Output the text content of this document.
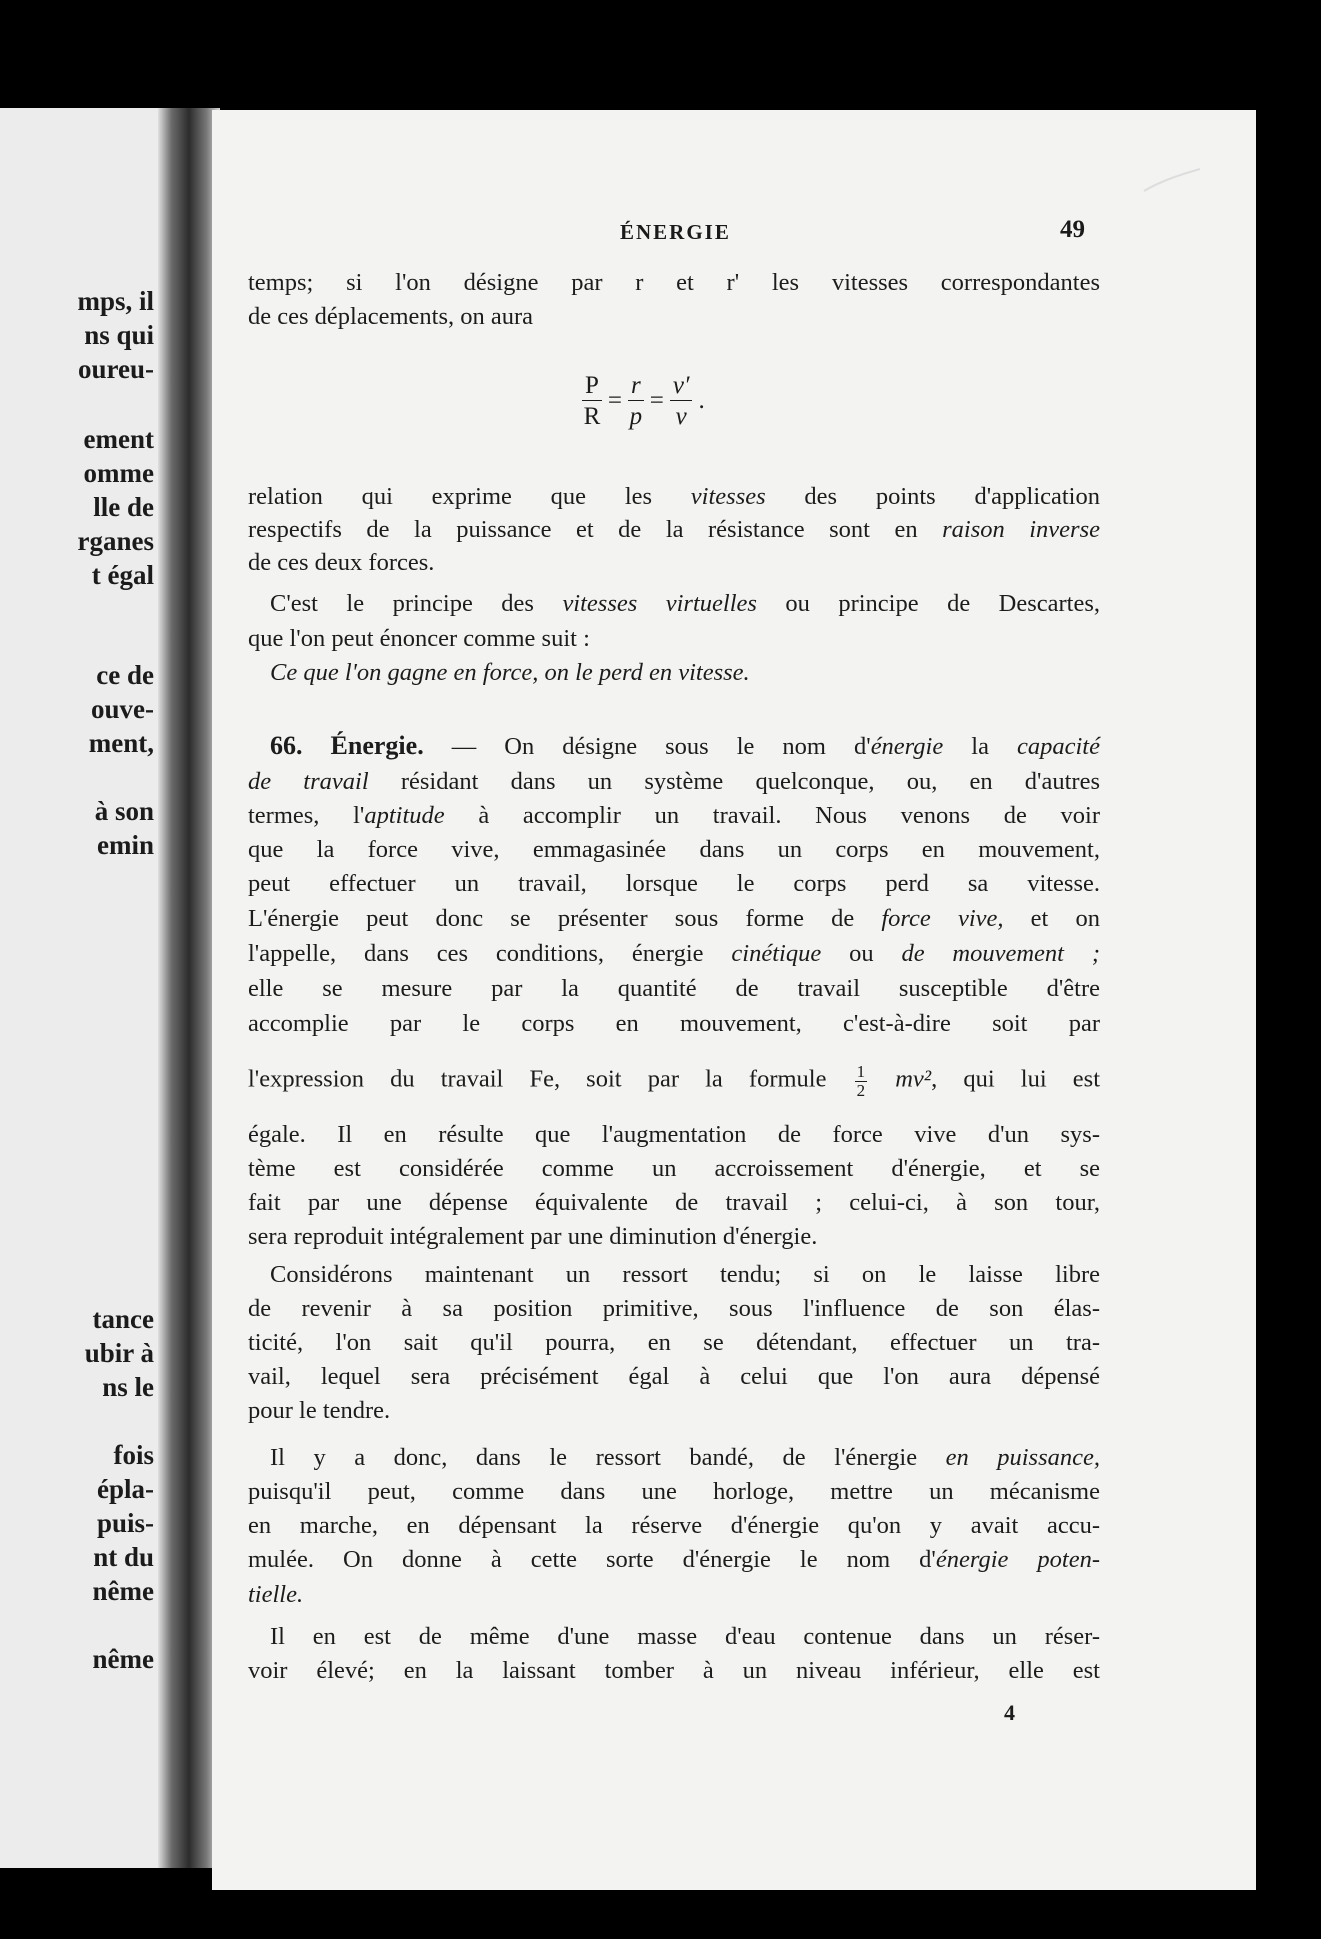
mps, il
ns qui
oureu-
ement
omme
lle de
rganes
t égal
ce de
ouve-
ment,
à son
emin
tance
ubir à
ns le
fois
épla-
puis-
nt du
nême
nême
ÉNERGIE	49
temps; si l'on désigne par r et r' les vitesses correspondantes
de ces déplacements, on aura
$\frac{P}{R} = \frac{r}{p} = \frac{v'}{v}$ .
relation qui exprime que les vitesses des points d'application
respectifs de la puissance et de la résistance sont en raison inverse
de ces deux forces.
C'est le principe des vitesses virtuelles ou principe de Descartes,
que l'on peut énoncer comme suit :
Ce que l'on gagne en force, on le perd en vitesse.
66. Énergie. — On désigne sous le nom d'énergie la capacité
de travail résidant dans un système quelconque, ou, en d'autres
termes, l'aptitude à accomplir un travail. Nous venons de voir
que la force vive, emmagasinée dans un corps en mouvement,
peut effectuer un travail, lorsque le corps perd sa vitesse.
L'énergie peut donc se présenter sous forme de force vive, et on
l'appelle, dans ces conditions, énergie cinétique ou de mouvement ;
elle se mesure par la quantité de travail susceptible d'être
accomplie par le corps en mouvement, c'est-à-dire soit par
l'expression du travail Fe, soit par la formule $\frac{1}{2} mv^2$, qui lui est
égale. Il en résulte que l'augmentation de force vive d'un sys-
tème est considérée comme un accroissement d'énergie, et se
fait par une dépense équivalente de travail ; celui-ci, à son tour,
sera reproduit intégralement par une diminution d'énergie.
Considérons maintenant un ressort tendu; si on le laisse libre
de revenir à sa position primitive, sous l'influence de son élas-
ticité, l'on sait qu'il pourra, en se détendant, effectuer un tra-
vail, lequel sera précisément égal à celui que l'on aura dépensé
pour le tendre.
Il y a donc, dans le ressort bandé, de l'énergie en puissance,
puisqu'il peut, comme dans une horloge, mettre un mécanisme
en marche, en dépensant la réserve d'énergie qu'on y avait accu-
mulée. On donne à cette sorte d'énergie le nom d'énergie poten-
tielle.
Il en est de même d'une masse d'eau contenue dans un réser-
voir élevé; en la laissant tomber à un niveau inférieur, elle est
4
